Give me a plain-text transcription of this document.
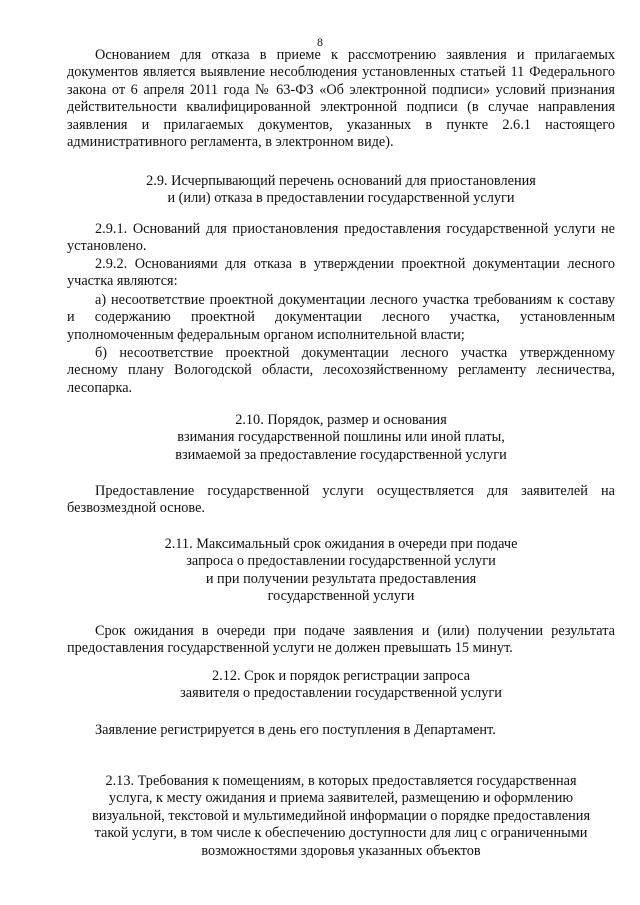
8

Основанием для отказа в приеме к рассмотрению заявления и прилагаемых документов является выявление несоблюдения установленных статьей 11 Федерального закона от 6 апреля 2011 года № 63-ФЗ «Об электронной подписи» условий признания действительности квалифицированной электронной подписи (в случае направления заявления и прилагаемых документов, указанных в пункте 2.6.1 настоящего административного регламента, в электронном виде).

2.9. Исчерпывающий перечень оснований для приостановления
и (или) отказа в предоставлении государственной услуги

2.9.1. Оснований для приостановления предоставления государственной услуги не установлено.

2.9.2. Основаниями для отказа в утверждении проектной документации лесного участка являются:

а) несоответствие проектной документации лесного участка требованиям к составу и содержанию проектной документации лесного участка, установленным уполномоченным федеральным органом исполнительной власти;

б) несоответствие проектной документации лесного участка утвержденному лесному плану Вологодской области, лесохозяйственному регламенту лесничества, лесопарка.

2.10. Порядок, размер и основания
взимания государственной пошлины или иной платы,
взимаемой за предоставление государственной услуги

Предоставление государственной услуги осуществляется для заявителей на безвозмездной основе.

2.11. Максимальный срок ожидания в очереди при подаче
запроса о предоставлении государственной услуги
и при получении результата предоставления
государственной услуги

Срок ожидания в очереди при подаче заявления и (или) получении результата предоставления государственной услуги не должен превышать 15 минут.

2.12. Срок и порядок регистрации запроса
заявителя о предоставлении государственной услуги

Заявление регистрируется в день его поступления в Департамент.

2.13. Требования к помещениям, в которых предоставляется государственная
услуга, к месту ожидания и приема заявителей, размещению и оформлению
визуальной, текстовой и мультимедийной информации о порядке предоставления
такой услуги, в том числе к обеспечению доступности для лиц с ограниченными
возможностями здоровья указанных объектов
